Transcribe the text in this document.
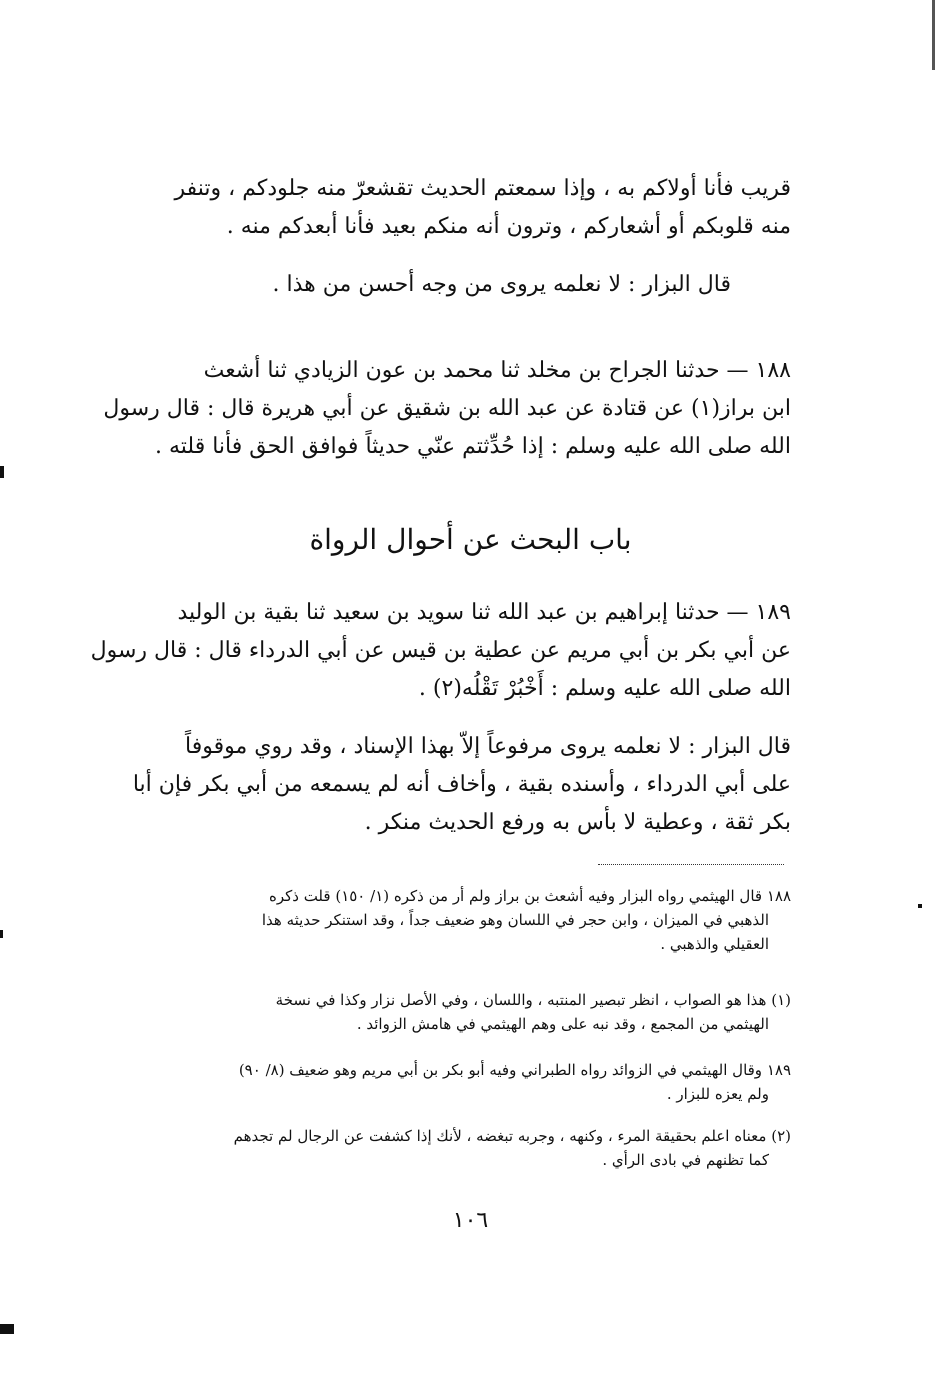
قريب فأنا أولاكم به ، وإذا سمعتم الحديث تقشعرّ منه جلودكم ، وتنفر
منه قلوبكم أو أشعاركم ، وترون أنه منكم بعيد فأنا أبعدكم منه .
قال البزار : لا نعلمه يروى من وجه أحسن من هذا .
١٨٨ — حدثنا الجراح بن مخلد ثنا محمد بن عون الزيادي ثنا أشعث
ابن براز(١) عن قتادة عن عبد الله بن شقيق عن أبي هريرة قال : قال رسول
الله صلى الله عليه وسلم : إذا حُدِّثتم عنّي حديثاً فوافق الحق فأنا قلته .
باب البحث عن أحوال الرواة
١٨٩ — حدثنا إبراهيم بن عبد الله ثنا سويد بن سعيد ثنا بقية بن الوليد
عن أبي بكر بن أبي مريم عن عطية بن قيس عن أبي الدرداء قال : قال رسول
الله صلى الله عليه وسلم : أَخْبُرْ تَقْلُه(٢) .
قال البزار : لا نعلمه يروى مرفوعاً إلاّ بهذا الإسناد ، وقد روي موقوفاً
على أبي الدرداء ، وأسنده بقية ، وأخاف أنه لم يسمعه من أبي بكر فإن أبا
بكر ثقة ، وعطية لا بأس به ورفع الحديث منكر .
١٨٨ قال الهيثمي رواه البزار وفيه أشعث بن براز ولم أر من ذكره (١/ ١٥٠) قلت ذكره
الذهبي في الميزان ، وابن حجر في اللسان وهو ضعيف جداً ، وقد استنكر حديثه هذا
العقيلي والذهبي .
(١) هذا هو الصواب ، انظر تبصير المنتبه ، واللسان ، وفي الأصل نزار وكذا في نسخة
الهيثمي من المجمع ، وقد نبه على وهم الهيثمي في هامش الزوائد .
١٨٩ وقال الهيثمي في الزوائد رواه الطبراني وفيه أبو بكر بن أبي مريم وهو ضعيف (٨/ ٩٠)
ولم يعزه للبزار .
(٢) معناه اعلم بحقيقة المرء ، وكنهه ، وجربه تبغضه ، لأنك إذا كشفت عن الرجال لم تجدهم
كما تظنهم في بادى الرأي .
١٠٦
